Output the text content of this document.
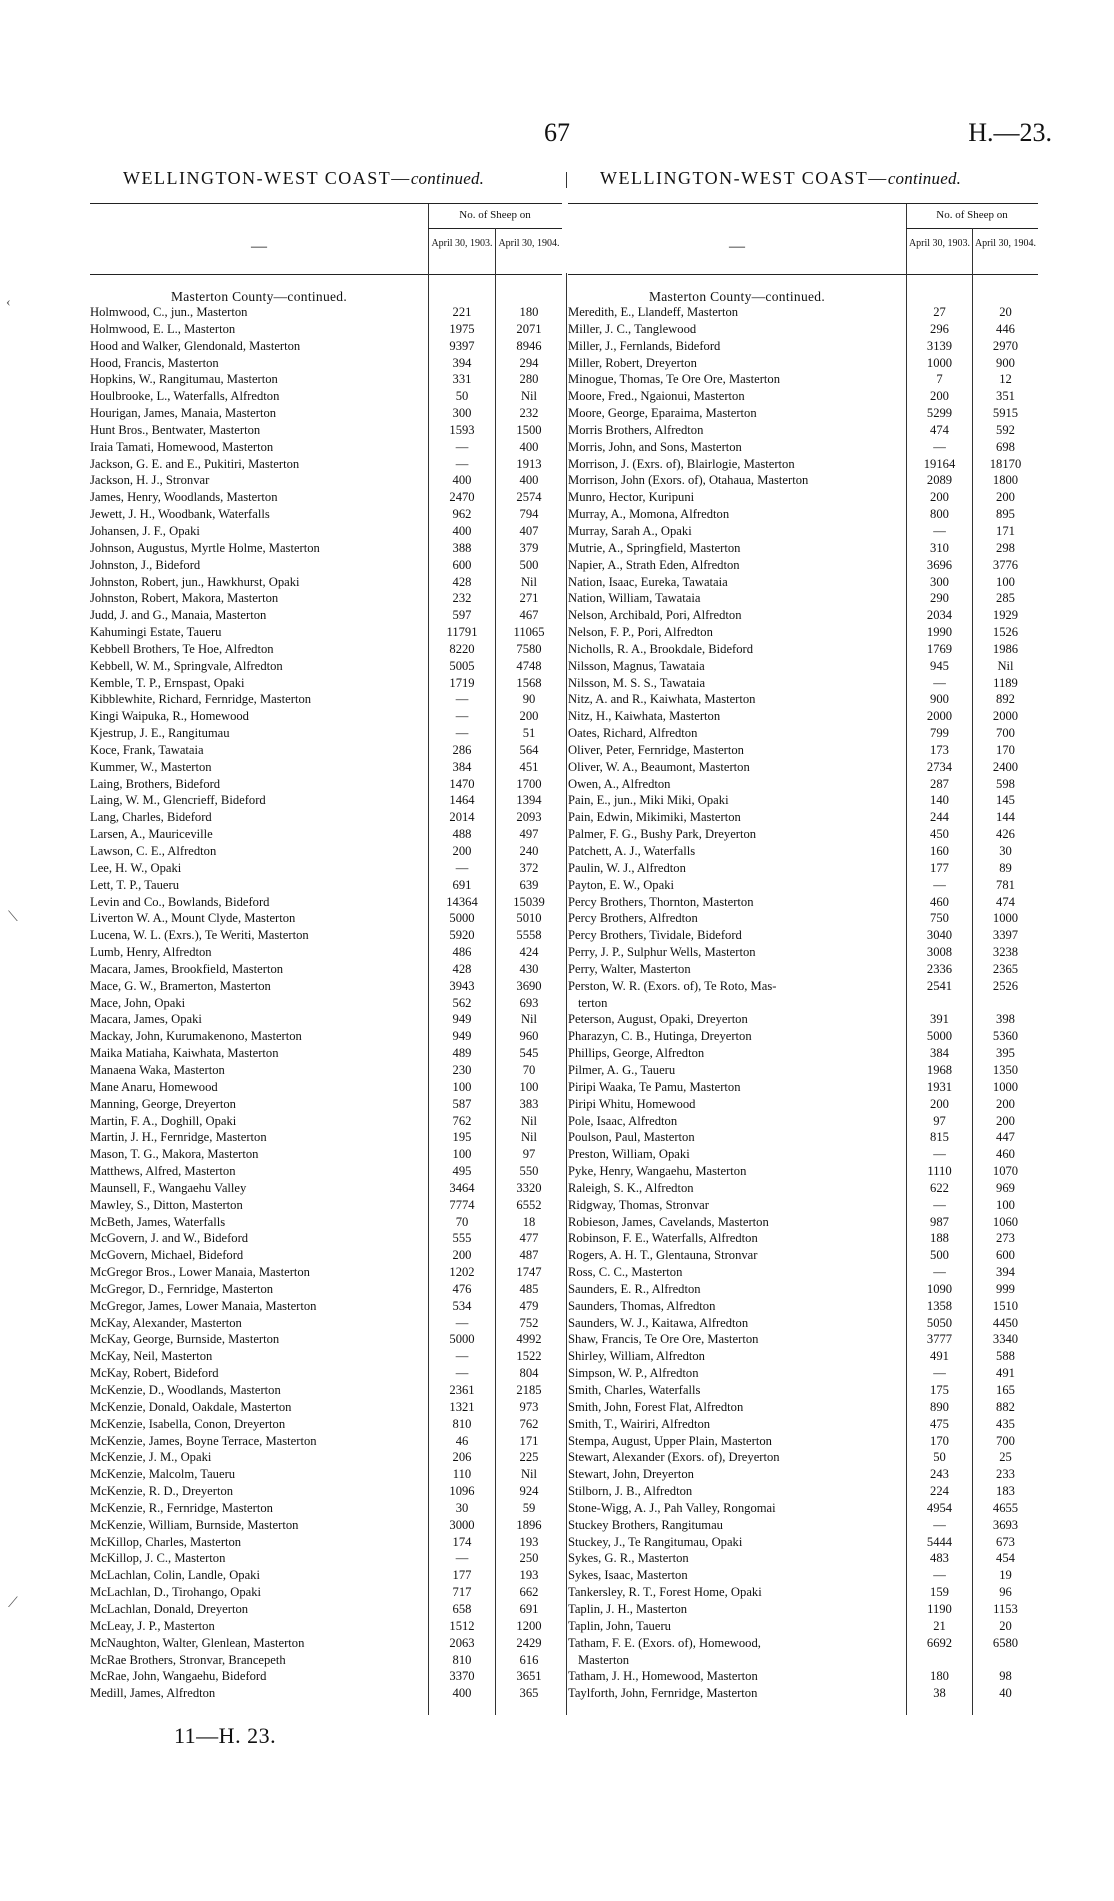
67	H.—23.
WELLINGTON-WEST COAST—continued.	WELLINGTON-WEST COAST—continued.
—
No. of Sheep on
April 30, 1903. April 30, 1904.
Masterton County—continued.
Holmwood, C., jun., Masterton	221	180
Holmwood, E. L., Masterton	1975	2071
Hood and Walker, Glendonald, Masterton	9397	8946
Hood, Francis, Masterton	394	294
Hopkins, W., Rangitumau, Masterton	331	280
Houlbrooke, L., Waterfalls, Alfredton	50	Nil
Hourigan, James, Manaia, Masterton	300	232
Hunt Bros., Bentwater, Masterton	1593	1500
Iraia Tamati, Homewood, Masterton	—	400
Jackson, G. E. and E., Pukitiri, Masterton	—	1913
Jackson, H. J., Stronvar	400	400
James, Henry, Woodlands, Masterton	2470	2574
Jewett, J. H., Woodbank, Waterfalls	962	794
Johansen, J. F., Opaki	400	407
Johnson, Augustus, Myrtle Holme, Masterton	388	379
Johnston, J., Bideford	600	500
Johnston, Robert, jun., Hawkhurst, Opaki	428	Nil
Johnston, Robert, Makora, Masterton	232	271
Judd, J. and G., Manaia, Masterton	597	467
Kahumingi Estate, Taueru	11791	11065
Kebbell Brothers, Te Hoe, Alfredton	8220	7580
Kebbell, W. M., Springvale, Alfredton	5005	4748
Kemble, T. P., Ernspast, Opaki	1719	1568
Kibblewhite, Richard, Fernridge, Masterton	—	90
Kingi Waipuka, R., Homewood	—	200
Kjestrup, J. E., Rangitumau	—	51
Koce, Frank, Tawataia	286	564
Kummer, W., Masterton	384	451
Laing, Brothers, Bideford	1470	1700
Laing, W. M., Glencrieff, Bideford	1464	1394
Lang, Charles, Bideford	2014	2093
Larsen, A., Mauriceville	488	497
Lawson, C. E., Alfredton	200	240
Lee, H. W., Opaki	—	372
Lett, T. P., Taueru	691	639
Levin and Co., Bowlands, Bideford	14364	15039
Liverton W. A., Mount Clyde, Masterton	5000	5010
Lucena, W. L. (Exrs.), Te Weriti, Masterton	5920	5558
Lumb, Henry, Alfredton	486	424
Macara, James, Brookfield, Masterton	428	430
Mace, G. W., Bramerton, Masterton	3943	3690
Mace, John, Opaki	562	693
Macara, James, Opaki	949	Nil
Mackay, John, Kurumakenono, Masterton	949	960
Maika Matiaha, Kaiwhata, Masterton	489	545
Manaena Waka, Masterton	230	70
Mane Anaru, Homewood	100	100
Manning, George, Dreyerton	587	383
Martin, F. A., Doghill, Opaki	762	Nil
Martin, J. H., Fernridge, Masterton	195	Nil
Mason, T. G., Makora, Masterton	100	97
Matthews, Alfred, Masterton	495	550
Maunsell, F., Wangaehu Valley	3464	3320
Mawley, S., Ditton, Masterton	7774	6552
McBeth, James, Waterfalls	70	18
McGovern, J. and W., Bideford	555	477
McGovern, Michael, Bideford	200	487
McGregor Bros., Lower Manaia, Masterton	1202	1747
McGregor, D., Fernridge, Masterton	476	485
McGregor, James, Lower Manaia, Masterton	534	479
McKay, Alexander, Masterton	—	752
McKay, George, Burnside, Masterton	5000	4992
McKay, Neil, Masterton	—	1522
McKay, Robert, Bideford	—	804
McKenzie, D., Woodlands, Masterton	2361	2185
McKenzie, Donald, Oakdale, Masterton	1321	973
McKenzie, Isabella, Conon, Dreyerton	810	762
McKenzie, James, Boyne Terrace, Masterton	46	171
McKenzie, J. M., Opaki	206	225
McKenzie, Malcolm, Taueru	110	Nil
McKenzie, R. D., Dreyerton	1096	924
McKenzie, R., Fernridge, Masterton	30	59
McKenzie, William, Burnside, Masterton	3000	1896
McKillop, Charles, Masterton	174	193
McKillop, J. C., Masterton	—	250
McLachlan, Colin, Landle, Opaki	177	193
McLachlan, D., Tirohango, Opaki	717	662
McLachlan, Donald, Dreyerton	658	691
McLeay, J. P., Masterton	1512	1200
McNaughton, Walter, Glenlean, Masterton	2063	2429
McRae Brothers, Stronvar, Brancepeth	810	616
McRae, John, Wangaehu, Bideford	3370	3651
Medill, James, Alfredton	400	365
—
No. of Sheep on
April 30, 1903. April 30, 1904.
Masterton County—continued.
Meredith, E., Llandeff, Masterton	27	20
Miller, J. C., Tanglewood	296	446
Miller, J., Fernlands, Bideford	3139	2970
Miller, Robert, Dreyerton	1000	900
Minogue, Thomas, Te Ore Ore, Masterton	7	12
Moore, Fred., Ngaionui, Masterton	200	351
Moore, George, Eparaima, Masterton	5299	5915
Morris Brothers, Alfredton	474	592
Morris, John, and Sons, Masterton	—	698
Morrison, J. (Exrs. of), Blairlogie, Masterton	19164	18170
Morrison, John (Exors. of), Otahaua, Masterton	2089	1800
Munro, Hector, Kuripuni	200	200
Murray, A., Momona, Alfredton	800	895
Murray, Sarah A., Opaki	—	171
Mutrie, A., Springfield, Masterton	310	298
Napier, A., Strath Eden, Alfredton	3696	3776
Nation, Isaac, Eureka, Tawataia	300	100
Nation, William, Tawataia	290	285
Nelson, Archibald, Pori, Alfredton	2034	1929
Nelson, F. P., Pori, Alfredton	1990	1526
Nicholls, R. A., Brookdale, Bideford	1769	1986
Nilsson, Magnus, Tawataia	945	Nil
Nilsson, M. S. S., Tawataia	—	1189
Nitz, A. and R., Kaiwhata, Masterton	900	892
Nitz, H., Kaiwhata, Masterton	2000	2000
Oates, Richard, Alfredton	799	700
Oliver, Peter, Fernridge, Masterton	173	170
Oliver, W. A., Beaumont, Masterton	2734	2400
Owen, A., Alfredton	287	598
Pain, E., jun., Miki Miki, Opaki	140	145
Pain, Edwin, Mikimiki, Masterton	244	144
Palmer, F. G., Bushy Park, Dreyerton	450	426
Patchett, A. J., Waterfalls	160	30
Paulin, W. J., Alfredton	177	89
Payton, E. W., Opaki	—	781
Percy Brothers, Thornton, Masterton	460	474
Percy Brothers, Alfredton	750	1000
Percy Brothers, Tividale, Bideford	3040	3397
Perry, J. P., Sulphur Wells, Masterton	3008	3238
Perry, Walter, Masterton	2336	2365
Perston, W. R. (Exors. of), Te Roto, Mas-	2541	2526
terton
Peterson, August, Opaki, Dreyerton	391	398
Pharazyn, C. B., Hutinga, Dreyerton	5000	5360
Phillips, George, Alfredton	384	395
Pilmer, A. G., Taueru	1968	1350
Piripi Waaka, Te Pamu, Masterton	1931	1000
Piripi Whitu, Homewood	200	200
Pole, Isaac, Alfredton	97	200
Poulson, Paul, Masterton	815	447
Preston, William, Opaki	—	460
Pyke, Henry, Wangaehu, Masterton	1110	1070
Raleigh, S. K., Alfredton	622	969
Ridgway, Thomas, Stronvar	—	100
Robieson, James, Cavelands, Masterton	987	1060
Robinson, F. E., Waterfalls, Alfredton	188	273
Rogers, A. H. T., Glentauna, Stronvar	500	600
Ross, C. C., Masterton	—	394
Saunders, E. R., Alfredton	1090	999
Saunders, Thomas, Alfredton	1358	1510
Saunders, W. J., Kaitawa, Alfredton	5050	4450
Shaw, Francis, Te Ore Ore, Masterton	3777	3340
Shirley, William, Alfredton	491	588
Simpson, W. P., Alfredton	—	491
Smith, Charles, Waterfalls	175	165
Smith, John, Forest Flat, Alfredton	890	882
Smith, T., Wairiri, Alfredton	475	435
Stempa, August, Upper Plain, Masterton	170	700
Stewart, Alexander (Exors. of), Dreyerton	50	25
Stewart, John, Dreyerton	243	233
Stilborn, J. B., Alfredton	224	183
Stone-Wigg, A. J., Pah Valley, Rongomai	4954	4655
Stuckey Brothers, Rangitumau	—	3693
Stuckey, J., Te Rangitumau, Opaki	5444	673
Sykes, G. R., Masterton	483	454
Sykes, Isaac, Masterton	—	19
Tankersley, R. T., Forest Home, Opaki	159	96
Taplin, J. H., Masterton	1190	1153
Taplin, John, Taueru	21	20
Tatham, F. E. (Exors. of), Homewood,	6692	6580
Masterton
Tatham, J. H., Homewood, Masterton	180	98
Taylforth, John, Fernridge, Masterton	38	40
11—H. 23.
‹
⟍
⟋
